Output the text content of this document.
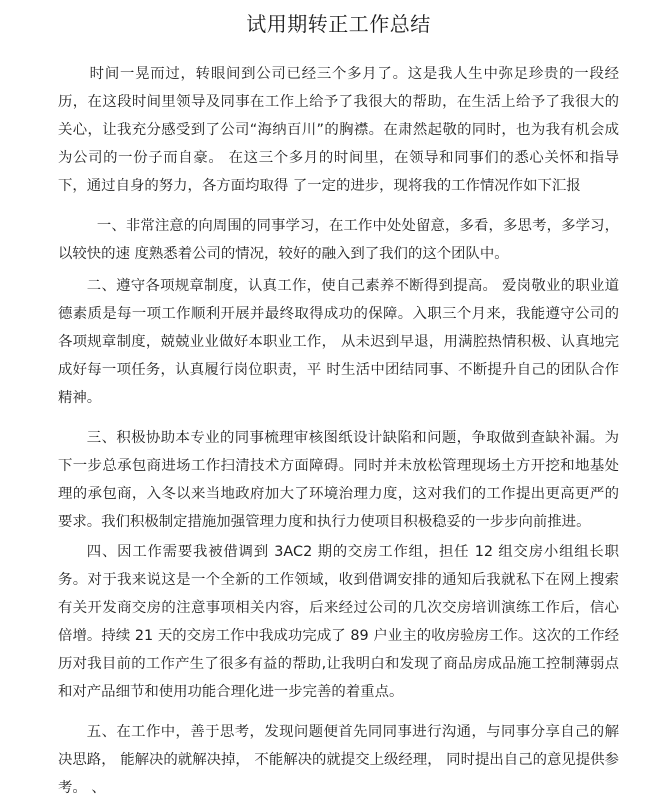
试用期转正工作总结

时间一晃而过，转眼间到公司已经三个多月了。这是我人生中弥足珍贵的一段经历，在这段时间里领导及同事在工作上给予了我很大的帮助，在生活上给予了我很大的关心，让我充分感受到了公司“海纳百川”的胸襟。在肃然起敬的同时，也为我有机会成为公司的一份子而自豪。 在这三个多月的时间里，在领导和同事们的悉心关怀和指导下，通过自身的努力，各方面均取得 了一定的进步，现将我的工作情况作如下汇报

一、非常注意的向周围的同事学习，在工作中处处留意，多看，多思考，多学习，以较快的速 度熟悉着公司的情况，较好的融入到了我们的这个团队中。

二、遵守各项规章制度，认真工作，使自己素养不断得到提高。 爱岗敬业的职业道德素质是每一项工作顺利开展并最终取得成功的保障。入职三个月来，我能遵守公司的各项规章制度，兢兢业业做好本职业工作， 从未迟到早退，用满腔热情积极、认真地完成好每一项任务，认真履行岗位职责，平 时生活中团结同事、不断提升自己的团队合作精神。

三、积极协助本专业的同事梳理审核图纸设计缺陷和问题，争取做到查缺补漏。为下一步总承包商进场工作扫清技术方面障碍。同时并未放松管理现场土方开挖和地基处理的承包商，入冬以来当地政府加大了环境治理力度，这对我们的工作提出更高更严的要求。我们积极制定措施加强管理力度和执行力使项目积极稳妥的一步步向前推进。

四、因工作需要我被借调到 3AC2 期的交房工作组，担任 12 组交房小组组长职务。对于我来说这是一个全新的工作领域，收到借调安排的通知后我就私下在网上搜索有关开发商交房的注意事项相关内容，后来经过公司的几次交房培训演练工作后，信心倍增。持续 21 天的交房工作中我成功完成了 89 户业主的收房验房工作。这次的工作经历对我目前的工作产生了很多有益的帮助,让我明白和发现了商品房成品施工控制薄弱点和对产品细节和使用功能合理化进一步完善的着重点。

五、在工作中，善于思考，发现问题便首先同同事进行沟通，与同事分享自己的解决思路， 能解决的就解决掉， 不能解决的就提交上级经理， 同时提出自己的意见提供参考。 、
